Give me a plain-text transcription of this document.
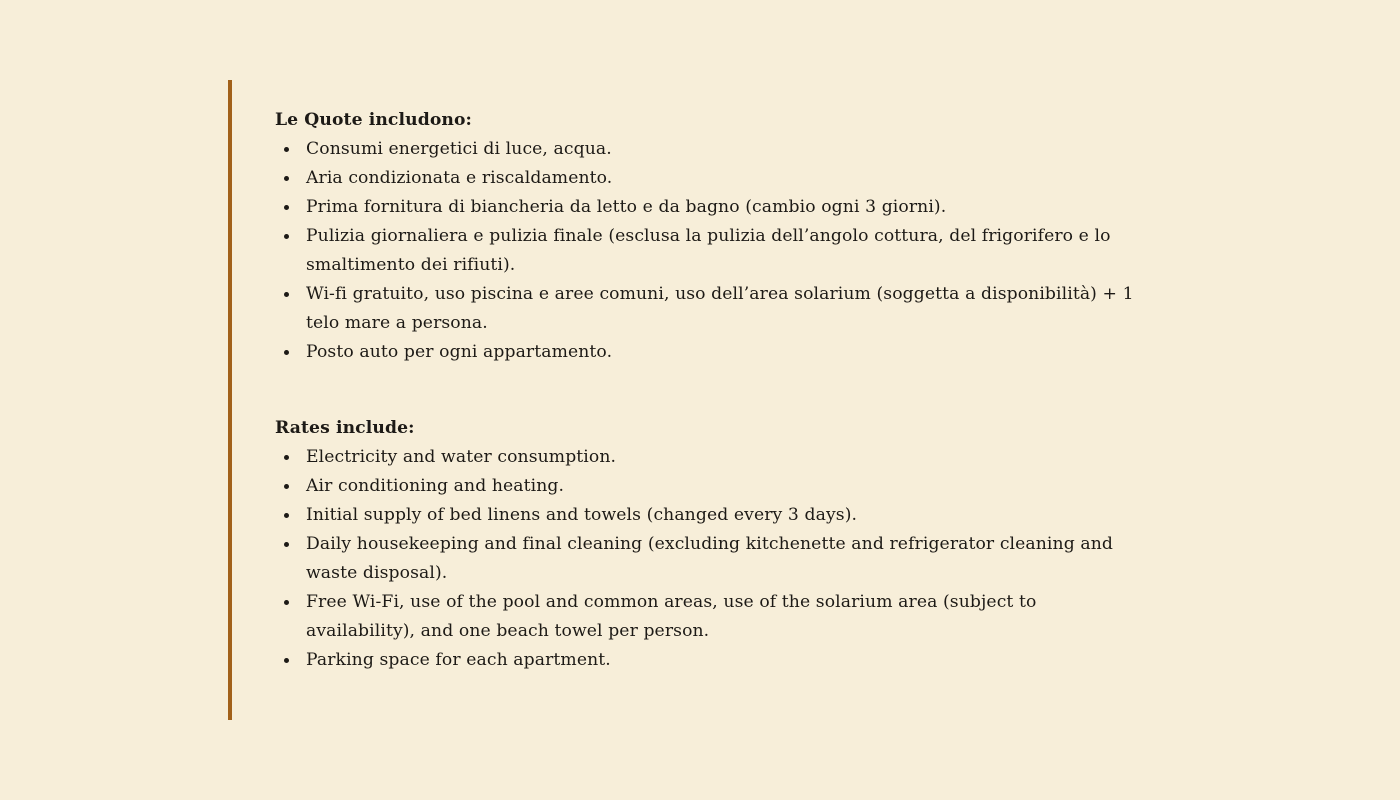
Le Quote includono:

Consumi energetici di luce, acqua.
Aria condizionata e riscaldamento.
Prima fornitura di biancheria da letto e da bagno (cambio ogni 3 giorni).
Pulizia giornaliera e pulizia finale (esclusa la pulizia dell’angolo cottura, del frigorifero e lo smaltimento dei rifiuti).
Wi-fi gratuito, uso piscina e aree comuni, uso dell’area solarium (soggetta a disponibilità) + 1 telo mare a persona.
Posto auto per ogni appartamento.

Rates include:

Electricity and water consumption.
Air conditioning and heating.
Initial supply of bed linens and towels (changed every 3 days).
Daily housekeeping and final cleaning (excluding kitchenette and refrigerator cleaning and waste disposal).
Free Wi-Fi, use of the pool and common areas, use of the solarium area (subject to availability), and one beach towel per person.
Parking space for each apartment.
